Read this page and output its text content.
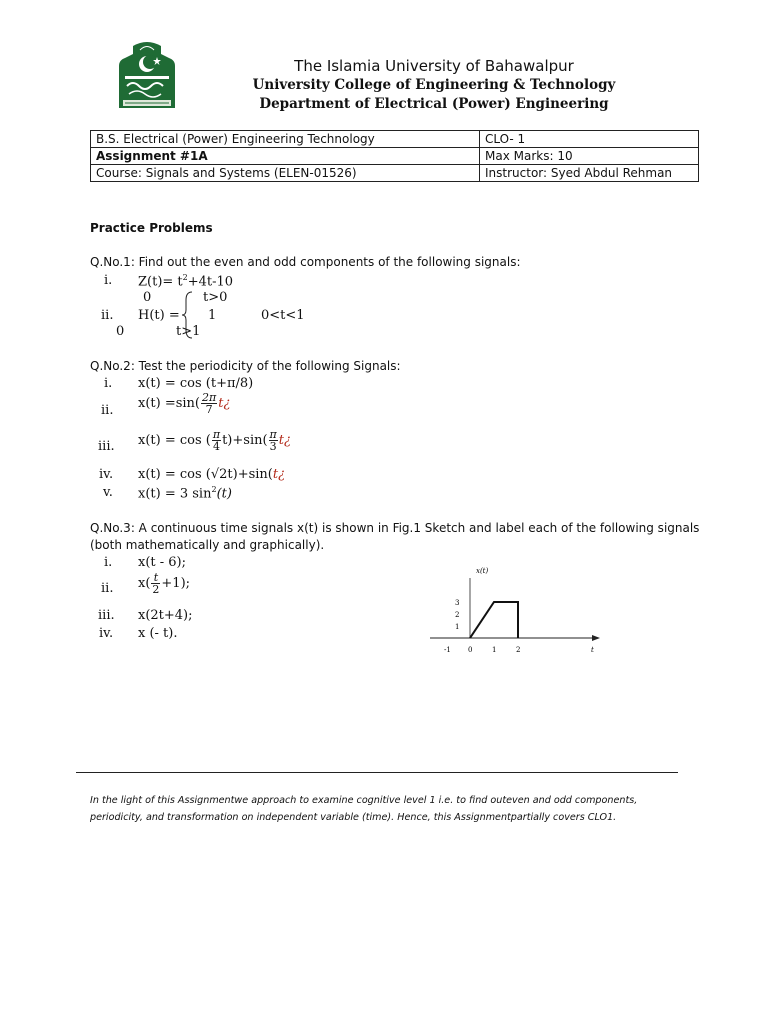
The Islamia University of Bahawalpur
University College of Engineering & Technology
Department of Electrical (Power) Engineering
B.S. Electrical (Power) Engineering Technology	CLO- 1
Assignment #1A	Max Marks: 10
Course: Signals and Systems (ELEN-01526)	Instructor: Syed Abdul Rehman
Practice Problems
Q.No.1: Find out the even and odd components of the following signals:
i. $Z(t)= t^2+4t-10$
0	t>0
ii. H(t) = 1	0<t<1
0	t>1
Q.No.2: Test the periodicity of the following Signals:
i. x(t) = cos (t+π/8)
ii. $x(t) =\sin( \frac{2\pi}{7}$ t¿
iii. x(t) = cos ( $\frac{\pi}{4} t)+\sin( \frac{\pi}{3}$ t¿
iv. x(t) = cos (√2t)+sin(t¿
v. x(t) = 3 $\sin^2(t)$
Q.No.3: A continuous time signals x(t) is shown in Fig.1 Sketch and label each of the following signals
(both mathematically and graphically).
i. x(t - 6);
ii. $x( \frac{t}{2} +1)$;
iii. x(2t+4);
iv. x (- t).
x(t)
t
-1 0	1	2
1
2
3
In the light of this Assignmentwe approach to examine cognitive level 1 i.e. to find outeven and odd components, periodicity, and transformation on independent variable (time). Hence, this Assignmentpartially covers CLO1.
